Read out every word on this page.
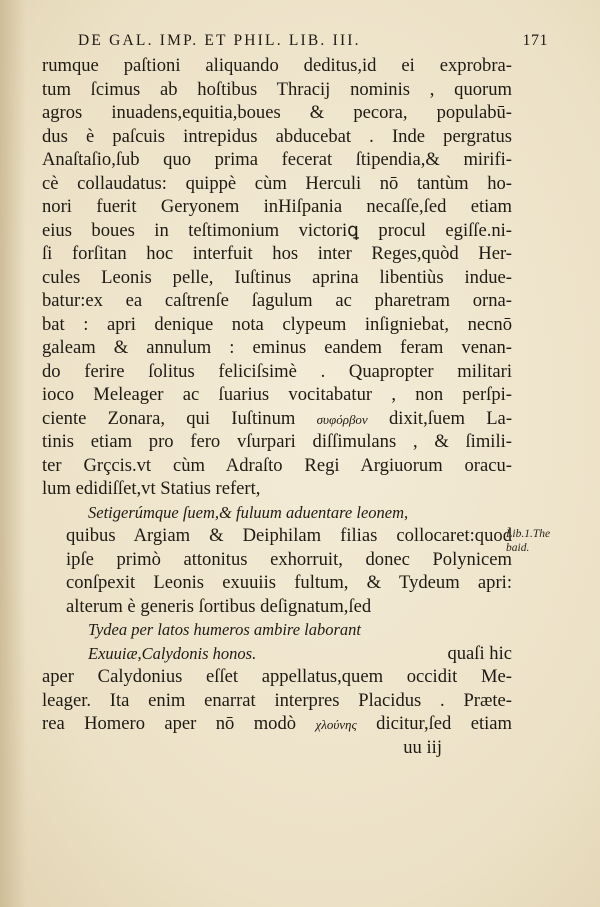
DE GAL. IMP. ET PHIL. LIB. III.	171
rumque paſtioni aliquando deditus,id ei exprobra-
tum ſcimus ab hoſtibus Thracij nominis , quorum
agros inuadens,equitia,boues & pecora, populabū-
dus è paſcuis intrepidus abducebat . Inde pergratus
Anaſtaſio,ſub quo prima fecerat ſtipendia,& mirifi-
cè collaudatus: quippè cùm Herculi nō tantùm ho-
nori fuerit Geryonem inHiſpania necaſſe,ſed etiam
eius boues in teſtimonium victoriꝗ procul egiſſe.ni-
ſi forſitan hoc interfuit hos inter Reges,quòd Her-
cules Leonis pelle, Iuſtinus aprina libentiùs indue-
batur:ex ea caſtrenſe ſagulum ac pharetram orna-
bat : apri denique nota clypeum inſigniebat, necnō
galeam & annulum : eminus eandem feram venan-
do ferire ſolitus feliciſsimè . Quapropter militari
ioco Meleager ac ſuarius vocitabatur , non perſpi-
ciente Zonara, qui Iuſtinum συφόρβον dixit,ſuem La-
tinis etiam pro fero vſurpari diſſimulans , & ſimili-
ter Grçcis.vt cùm Adraſto Regi Argiuorum oracu-
lum edidiſſet,vt Statius refert,
Setigerúmque ſuem,& fuluum aduentare leonem,
quibus Argiam & Deiphilam filias collocaret:quod
ipſe primò attonitus exhorruit, donec Polynicem
conſpexit Leonis exuuiis fultum, & Tydeum apri:
alterum è generis ſortibus deſignatum,ſed
Tydea per latos humeros ambire laborant
Exuuiæ,Calydonis honos.	quaſi hic
aper Calydonius eſſet appellatus,quem occidit Me-
leager. Ita enim enarrat interpres Placidus . Præte-
rea Homero aper nō modò χλούνης dicitur,ſed etiam
uu iij
Lib.1.The
baid.
